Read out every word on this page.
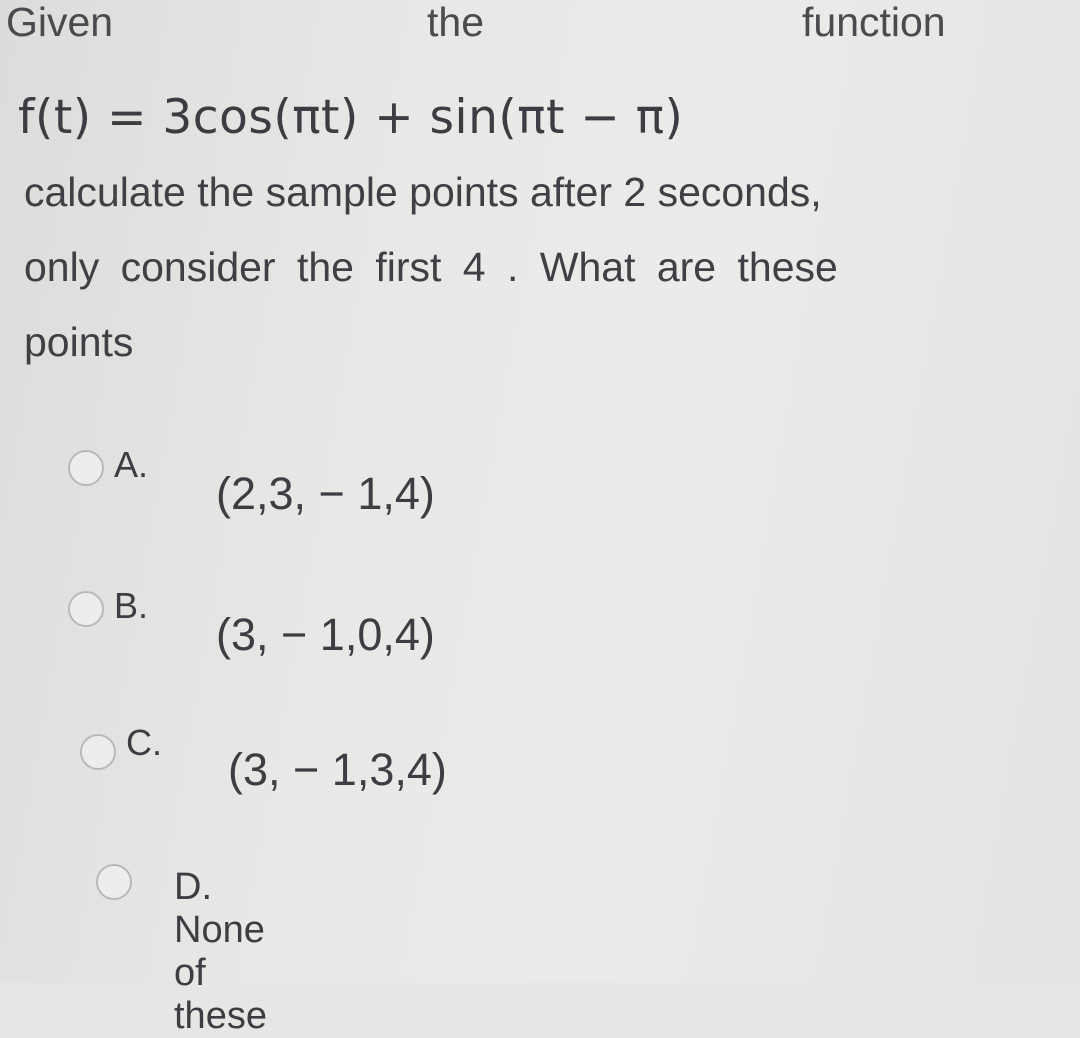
Given	the	function
f(t) = 3cos(πt) + sin(πt − π)
calculate the sample points after 2 seconds,
only consider the first 4 . What are these
points
A.
(2,3, − 1,4)
B.
(3, − 1,0,4)
C.
(3, − 1,3,4)
D. None of these
